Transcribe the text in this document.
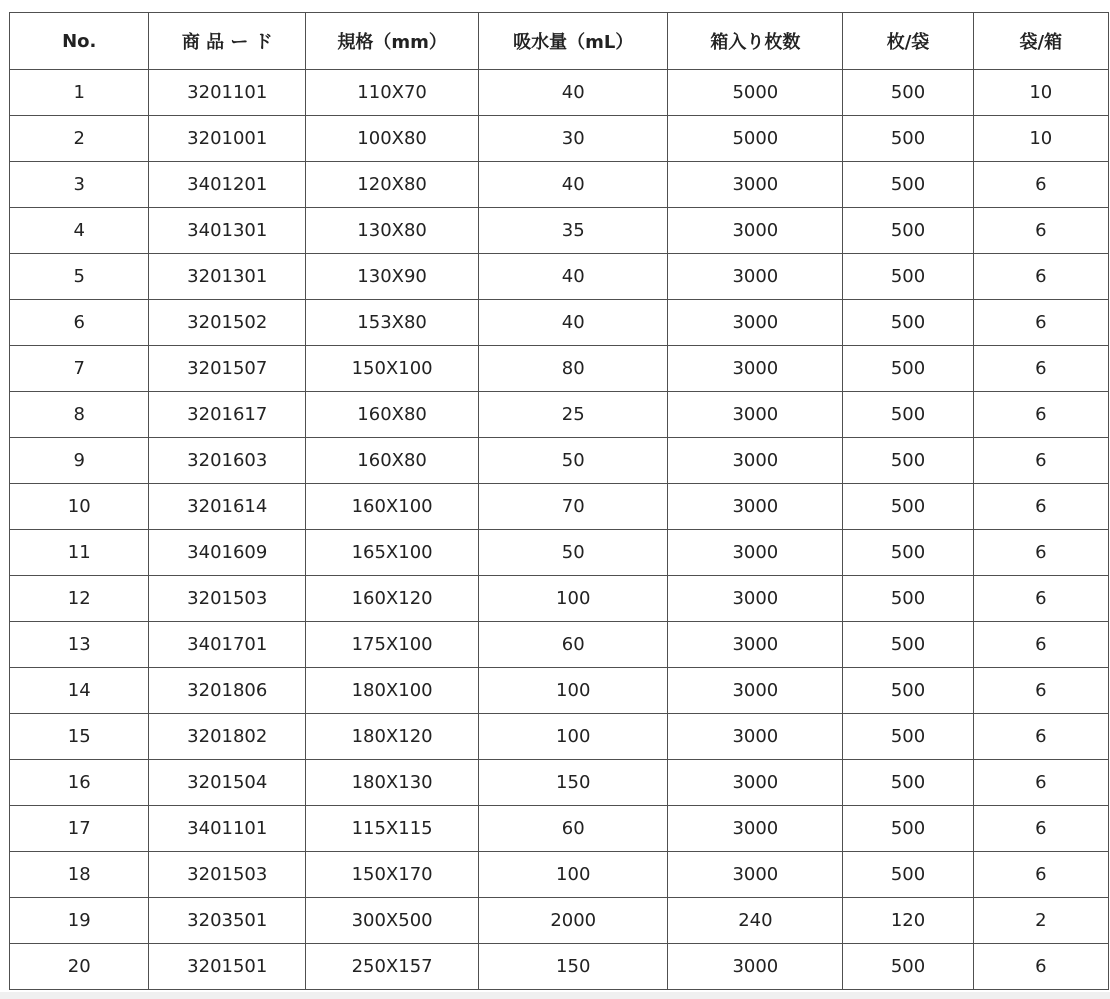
No.	商 品 ー ド	規格（mm）	吸水量（mL）	箱入り枚数	枚/袋	袋/箱
1	3201101	110X70	40	5000	500	10
2	3201001	100X80	30	5000	500	10
3	3401201	120X80	40	3000	500	6
4	3401301	130X80	35	3000	500	6
5	3201301	130X90	40	3000	500	6
6	3201502	153X80	40	3000	500	6
7	3201507	150X100	80	3000	500	6
8	3201617	160X80	25	3000	500	6
9	3201603	160X80	50	3000	500	6
10	3201614	160X100	70	3000	500	6
11	3401609	165X100	50	3000	500	6
12	3201503	160X120	100	3000	500	6
13	3401701	175X100	60	3000	500	6
14	3201806	180X100	100	3000	500	6
15	3201802	180X120	100	3000	500	6
16	3201504	180X130	150	3000	500	6
17	3401101	115X115	60	3000	500	6
18	3201503	150X170	100	3000	500	6
19	3203501	300X500	2000	240	120	2
20	3201501	250X157	150	3000	500	6
